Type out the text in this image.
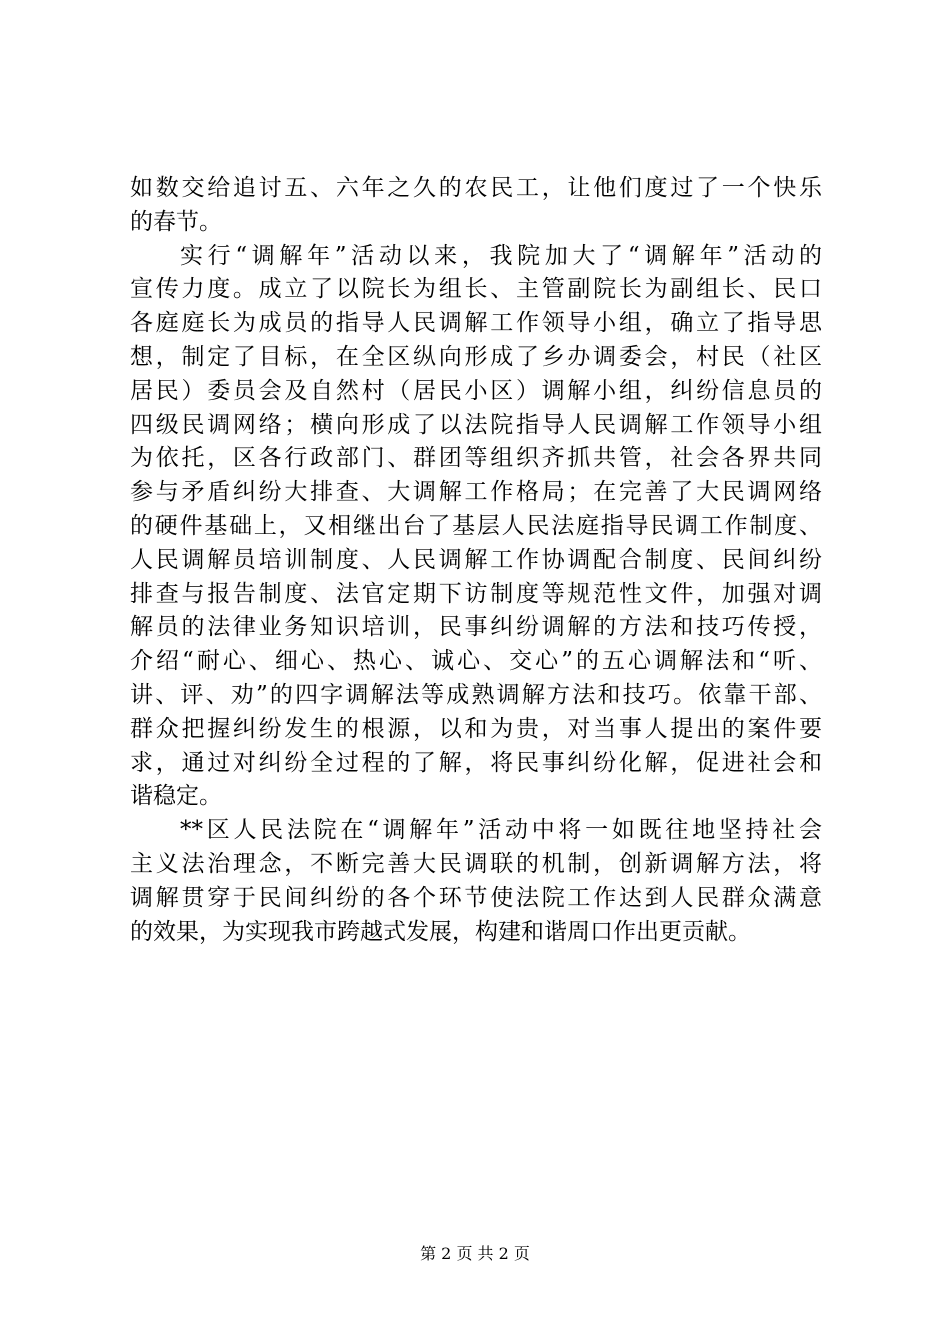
如数交给追讨五、六年之久的农民工，让他们度过了一个快乐
的春节。
实行“调解年”活动以来，我院加大了“调解年”活动的
宣传力度。成立了以院长为组长、主管副院长为副组长、民口
各庭庭长为成员的指导人民调解工作领导小组，确立了指导思
想，制定了目标，在全区纵向形成了乡办调委会，村民（社区
居民）委员会及自然村（居民小区）调解小组，纠纷信息员的
四级民调网络；横向形成了以法院指导人民调解工作领导小组
为依托，区各行政部门、群团等组织齐抓共管，社会各界共同
参与矛盾纠纷大排查、大调解工作格局；在完善了大民调网络
的硬件基础上，又相继出台了基层人民法庭指导民调工作制度、
人民调解员培训制度、人民调解工作协调配合制度、民间纠纷
排查与报告制度、法官定期下访制度等规范性文件，加强对调
解员的法律业务知识培训，民事纠纷调解的方法和技巧传授，
介绍“耐心、细心、热心、诚心、交心”的五心调解法和“听、
讲、评、劝”的四字调解法等成熟调解方法和技巧。依靠干部、
群众把握纠纷发生的根源，以和为贵，对当事人提出的案件要
求，通过对纠纷全过程的了解，将民事纠纷化解，促进社会和
谐稳定。
**区人民法院在“调解年”活动中将一如既往地坚持社会
主义法治理念，不断完善大民调联的机制，创新调解方法，将
调解贯穿于民间纠纷的各个环节使法院工作达到人民群众满意
的效果，为实现我市跨越式发展，构建和谐周口作出更贡献。
第 2 页 共 2 页
